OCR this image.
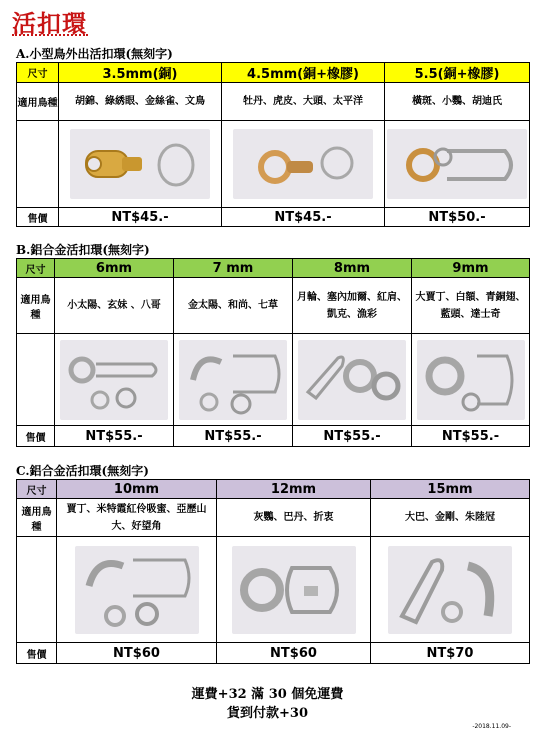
活扣環
A.小型鳥外出活扣環(無刻字)
尺寸	3.5mm(銅)	4.5mm(銅+橡膠)	5.5(銅+橡膠)
適用鳥種	胡錦、綠綉眼、金絲雀、文鳥	牡丹、虎皮、大頭、太平洋	橫斑、小鸚、胡迪氏

售價	NT$45.-	NT$45.-	NT$50.-
B.鋁合金活扣環(無刻字)
尺寸	6mm	7 mm	8mm	9mm
適用鳥種	小太陽、玄妹 、八哥	金太陽、和尚、七草	月輪、塞內加爾、紅肩、凱克、漁彩	大賈丁、白額、青銅翅、藍頭、達士奇

售價	NT$55.-	NT$55.-	NT$55.-	NT$55.-
C.鋁合金活扣環(無刻字)
尺寸	10mm	12mm	15mm
適用鳥種	賈丁、米特霞紅伶吸蜜、亞歷山大、好望角	灰鸚、巴丹、折衷	大巴、金剛、朱陸冠

售價	NT$60	NT$60	NT$70
運費+32 滿 30 個免運費
貨到付款+30
-2018.11.09-
